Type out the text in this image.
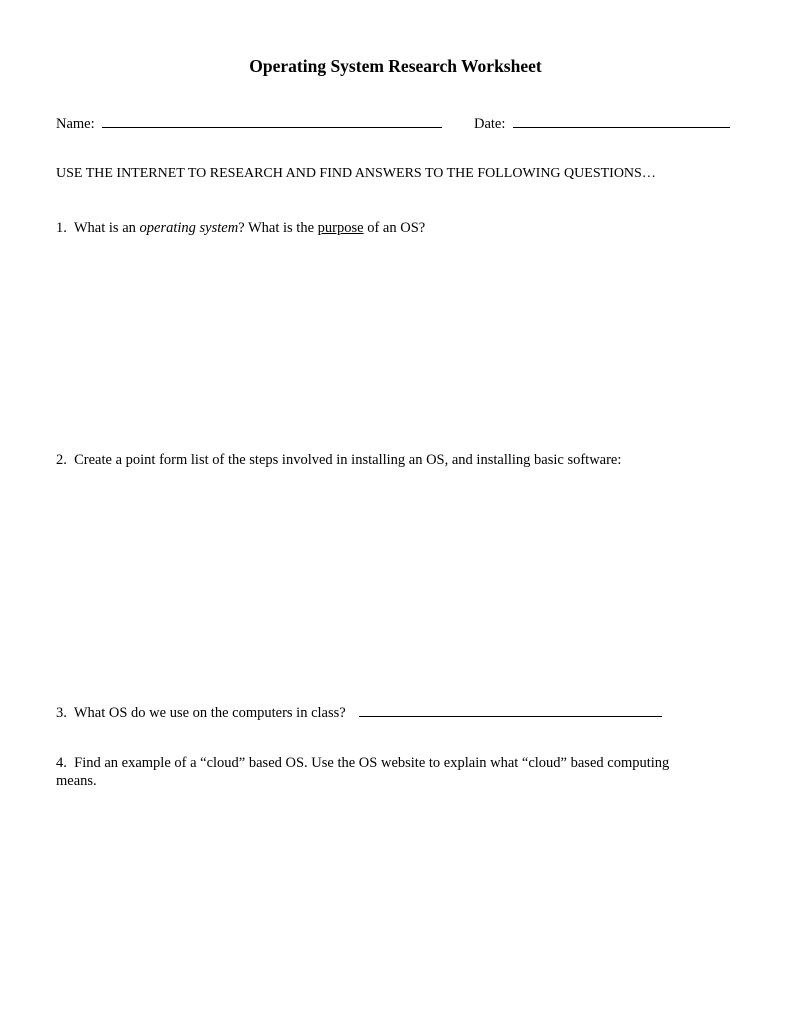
Operating System Research Worksheet
Name:	Date:
USE THE INTERNET TO RESEARCH AND FIND ANSWERS TO THE FOLLOWING QUESTIONS…
1. What is an operating system? What is the purpose of an OS?
2. Create a point form list of the steps involved in installing an OS, and installing basic software:
3. What OS do we use on the computers in class?
4. Find an example of a “cloud” based OS. Use the OS website to explain what “cloud” based computing
means.
